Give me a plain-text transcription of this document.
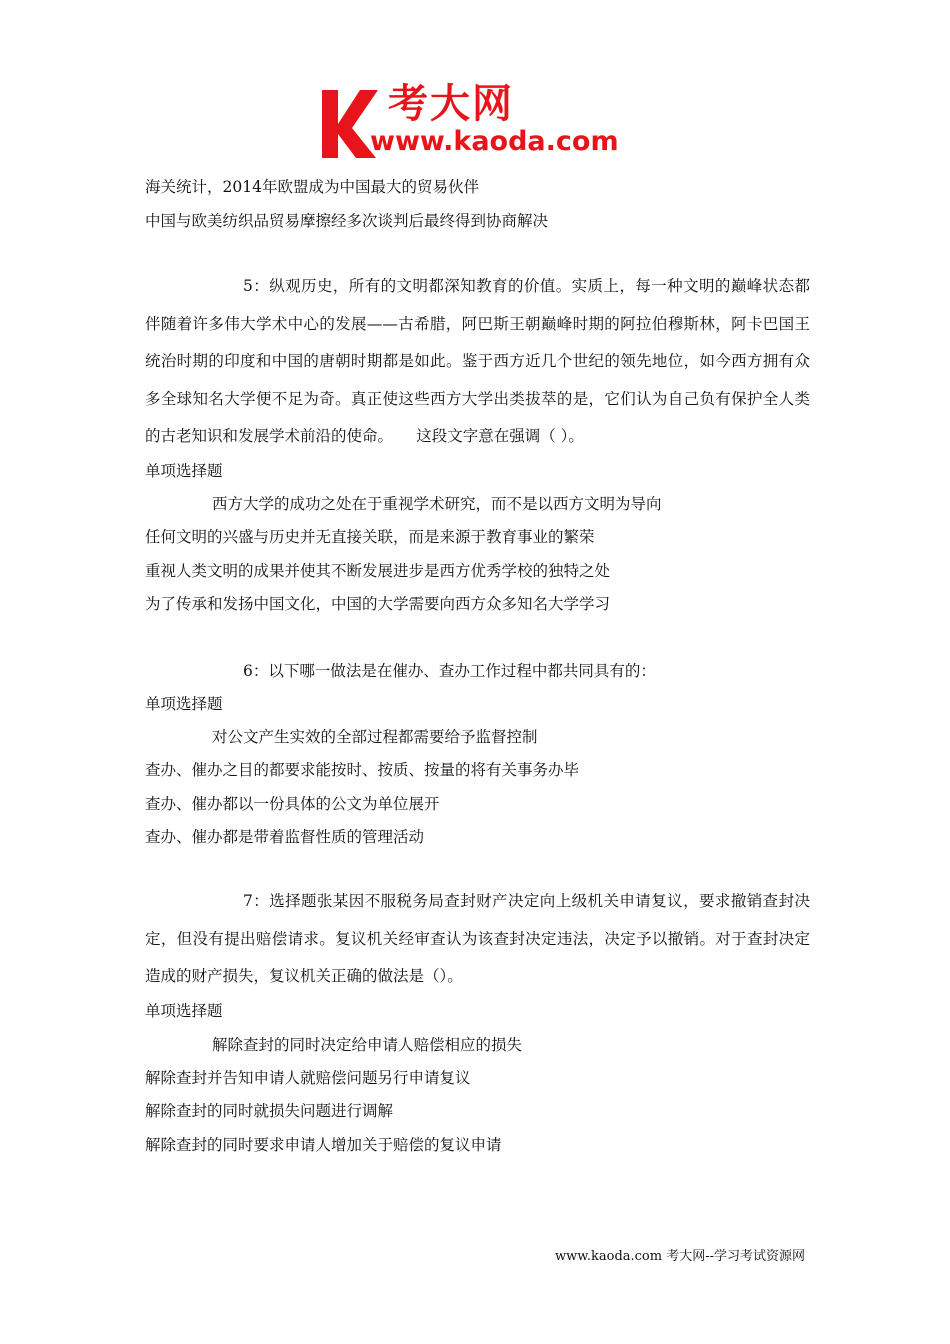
考大网
www.kaoda.com
海关统计，2014年欧盟成为中国最大的贸易伙伴
中国与欧美纺织品贸易摩擦经多次谈判后最终得到协商解决
5：纵观历史，所有的文明都深知教育的价值。实质上，每一种文明的巅峰状态都伴随着许多伟大学术中心的发展——古希腊，阿巴斯王朝巅峰时期的阿拉伯穆斯林，阿卡巴国王统治时期的印度和中国的唐朝时期都是如此。鉴于西方近几个世纪的领先地位，如今西方拥有众多全球知名大学便不足为奇。真正使这些西方大学出类拔萃的是，它们认为自己负有保护全人类的古老知识和发展学术前沿的使命。　　这段文字意在强调（ ）。
单项选择题
西方大学的成功之处在于重视学术研究，而不是以西方文明为导向
任何文明的兴盛与历史并无直接关联，而是来源于教育事业的繁荣
重视人类文明的成果并使其不断发展进步是西方优秀学校的独特之处
为了传承和发扬中国文化，中国的大学需要向西方众多知名大学学习
6：以下哪一做法是在催办、查办工作过程中都共同具有的：
单项选择题
对公文产生实效的全部过程都需要给予监督控制
查办、催办之目的都要求能按时、按质、按量的将有关事务办毕
查办、催办都以一份具体的公文为单位展开
查办、催办都是带着监督性质的管理活动
7：选择题张某因不服税务局查封财产决定向上级机关申请复议，要求撤销查封决定，但没有提出赔偿请求。复议机关经审查认为该查封决定违法，决定予以撤销。对于查封决定造成的财产损失，复议机关正确的做法是（）。
单项选择题
解除查封的同时决定给申请人赔偿相应的损失
解除查封并告知申请人就赔偿问题另行申请复议
解除查封的同时就损失问题进行调解
解除查封的同时要求申请人增加关于赔偿的复议申请
www.kaoda.com 考大网--学习考试资源网
